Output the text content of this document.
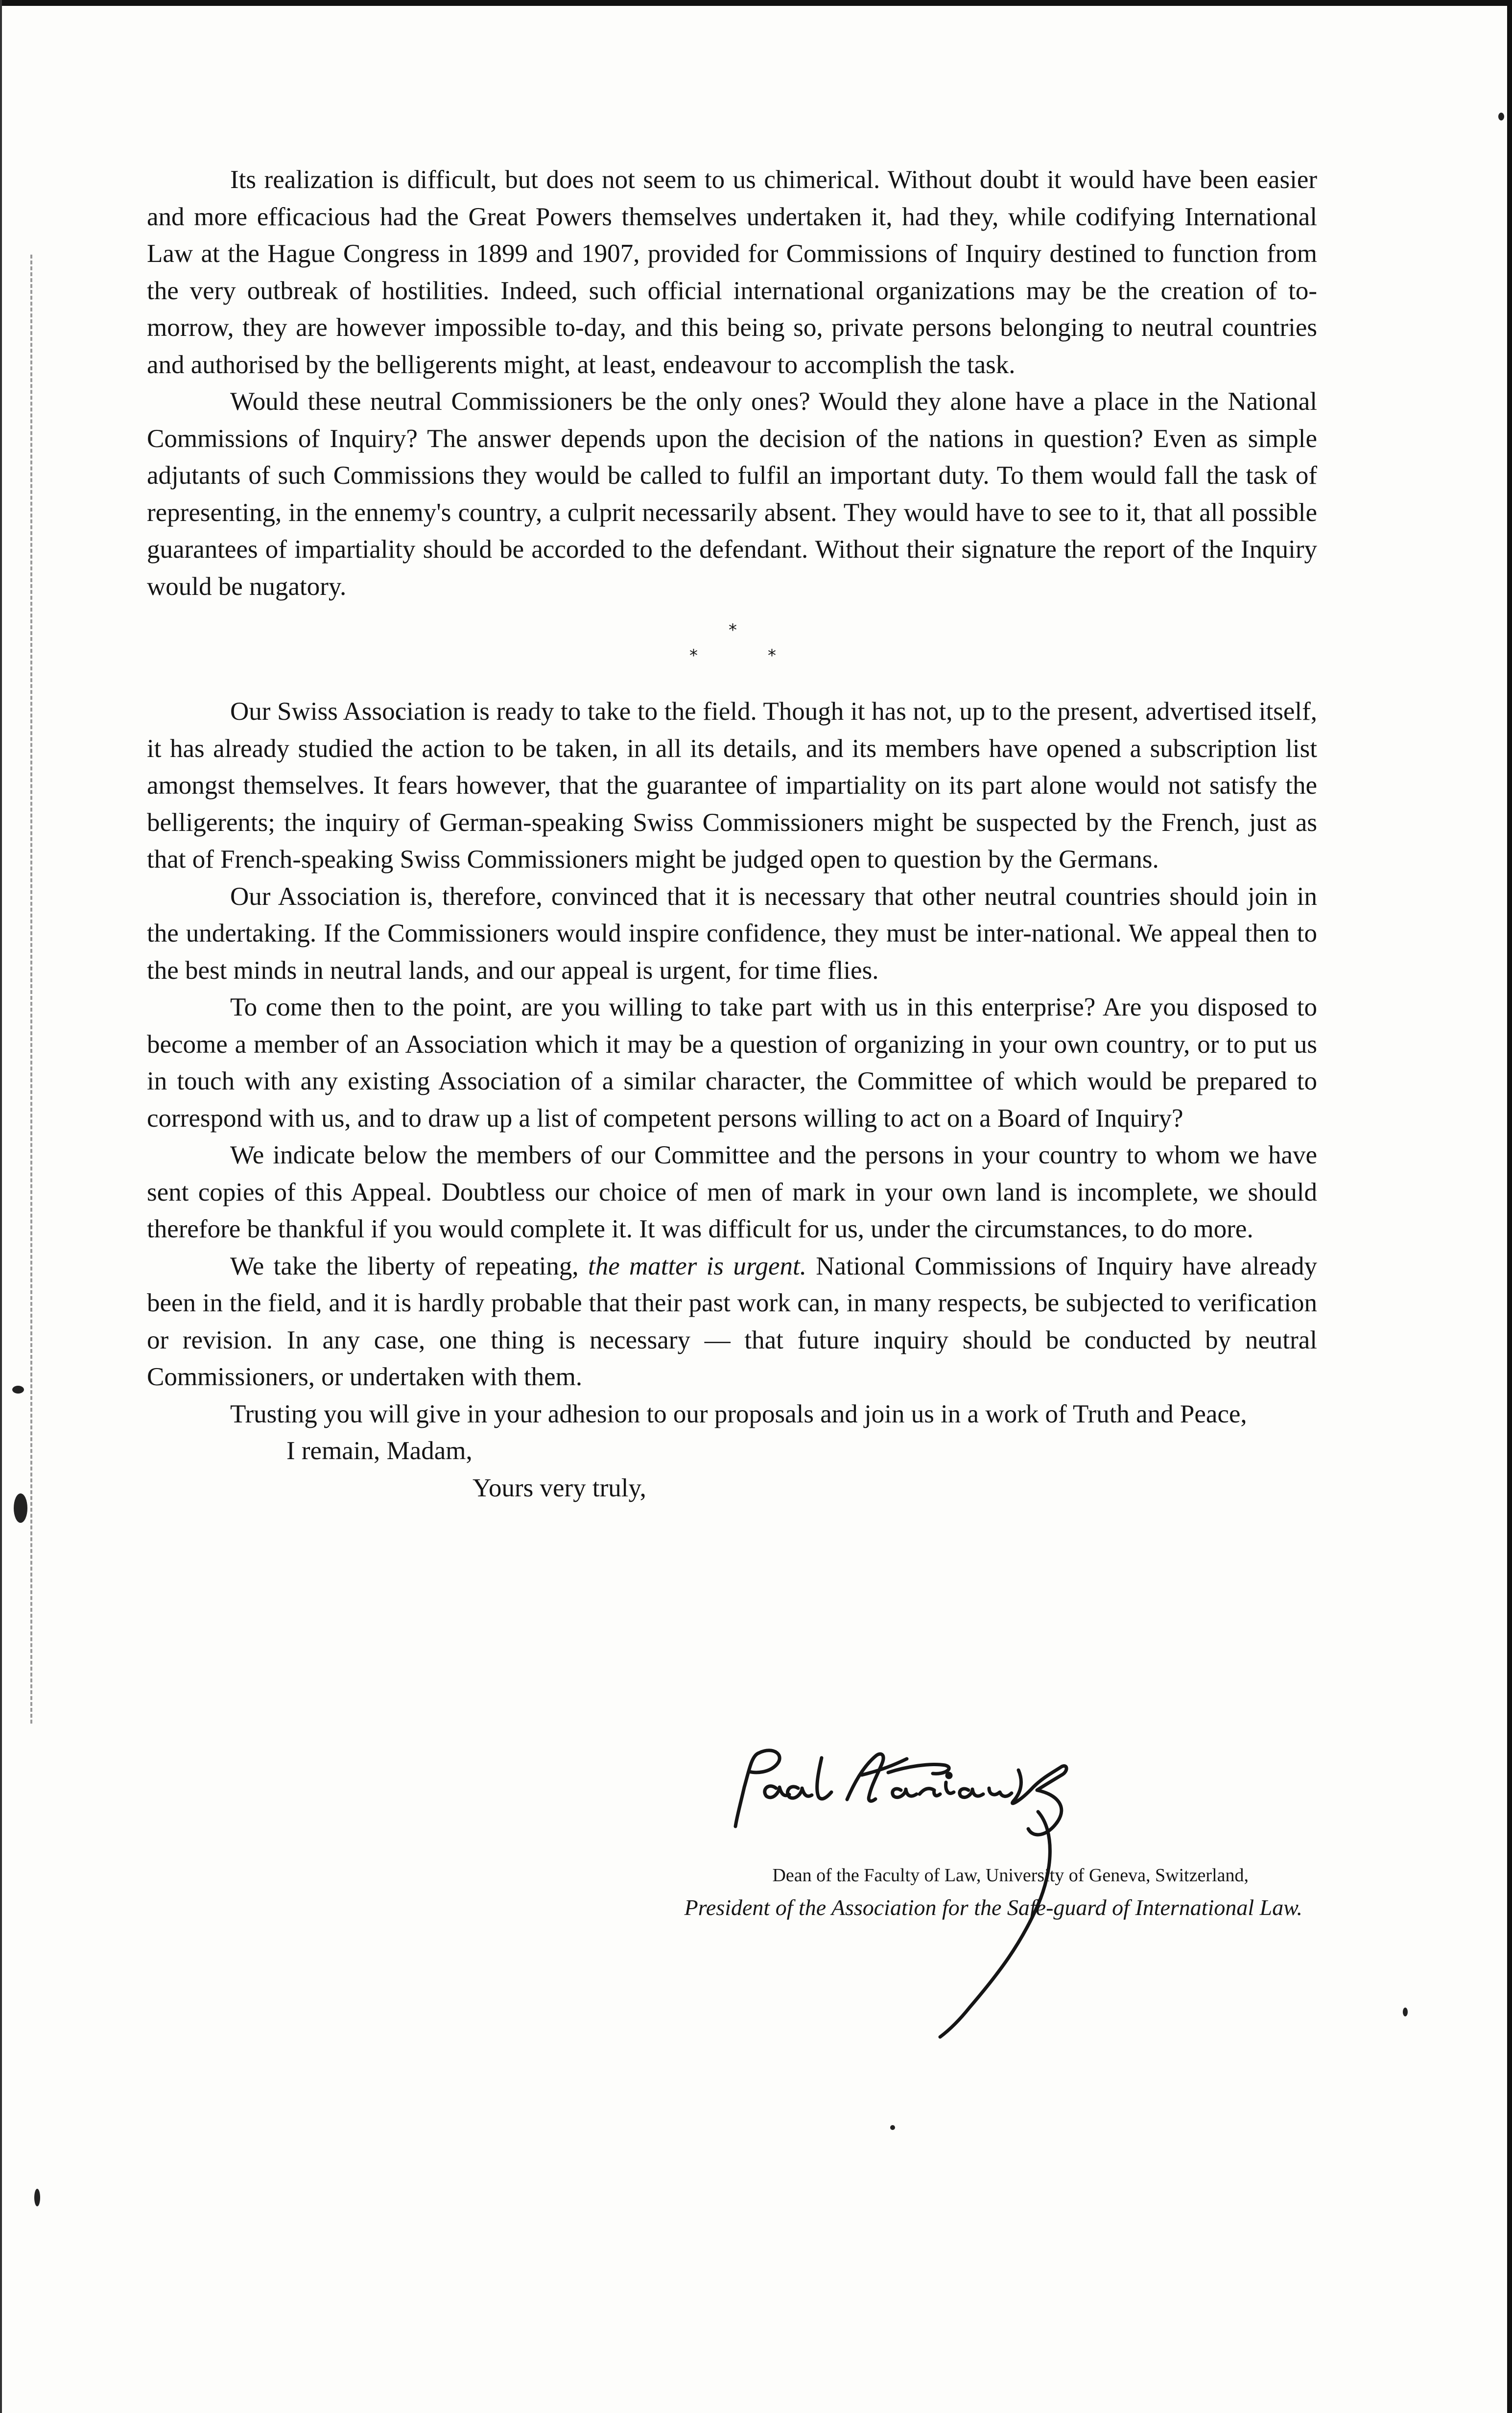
Its realization is difficult, but does not seem to us chimerical. Without doubt it would have been easier and more efficacious had the Great Powers themselves undertaken it, had they, while codifying International Law at the Hague Congress in 1899 and 1907, provided for Commissions of Inquiry destined to function from the very outbreak of hostilities. Indeed, such official international organizations may be the creation of to-morrow, they are however impossible to-day, and this being so, private persons belonging to neutral countries and authorised by the belligerents might, at least, endeavour to accomplish the task.

Would these neutral Commissioners be the only ones? Would they alone have a place in the National Commissions of Inquiry? The answer depends upon the decision of the nations in question? Even as simple adjutants of such Commissions they would be called to fulfil an important duty. To them would fall the task of representing, in the ennemy's country, a culprit necessarily absent. They would have to see to it, that all possible guarantees of impartiality should be accorded to the defendant. Without their signature the report of the Inquiry would be nugatory.

*
*	*

Our Swiss Association is ready to take to the field. Though it has not, up to the present, advertised itself, it has already studied the action to be taken, in all its details, and its members have opened a subscription list amongst themselves. It fears however, that the guarantee of impartiality on its part alone would not satisfy the belligerents; the inquiry of German-speaking Swiss Commissioners might be suspected by the French, just as that of French-speaking Swiss Commissioners might be judged open to question by the Germans.

Our Association is, therefore, convinced that it is necessary that other neutral countries should join in the undertaking. If the Commissioners would inspire confidence, they must be inter-national. We appeal then to the best minds in neutral lands, and our appeal is urgent, for time flies.

To come then to the point, are you willing to take part with us in this enterprise? Are you disposed to become a member of an Association which it may be a question of organizing in your own country, or to put us in touch with any existing Association of a similar character, the Committee of which would be prepared to correspond with us, and to draw up a list of competent persons willing to act on a Board of Inquiry?

We indicate below the members of our Committee and the persons in your country to whom we have sent copies of this Appeal. Doubtless our choice of men of mark in your own land is incomplete, we should therefore be thankful if you would complete it. It was difficult for us, under the circumstances, to do more.

We take the liberty of repeating, the matter is urgent. National Commissions of Inquiry have already been in the field, and it is hardly probable that their past work can, in many respects, be subjected to verification or revision. In any case, one thing is necessary — that future inquiry should be conducted by neutral Commissioners, or undertaken with them.

Trusting you will give in your adhesion to our proposals and join us in a work of Truth and Peace,

I remain, Madam,
Yours very truly,
Dean of the Faculty of Law, University of Geneva, Switzerland,
President of the Association for the Safe-guard of International Law.
